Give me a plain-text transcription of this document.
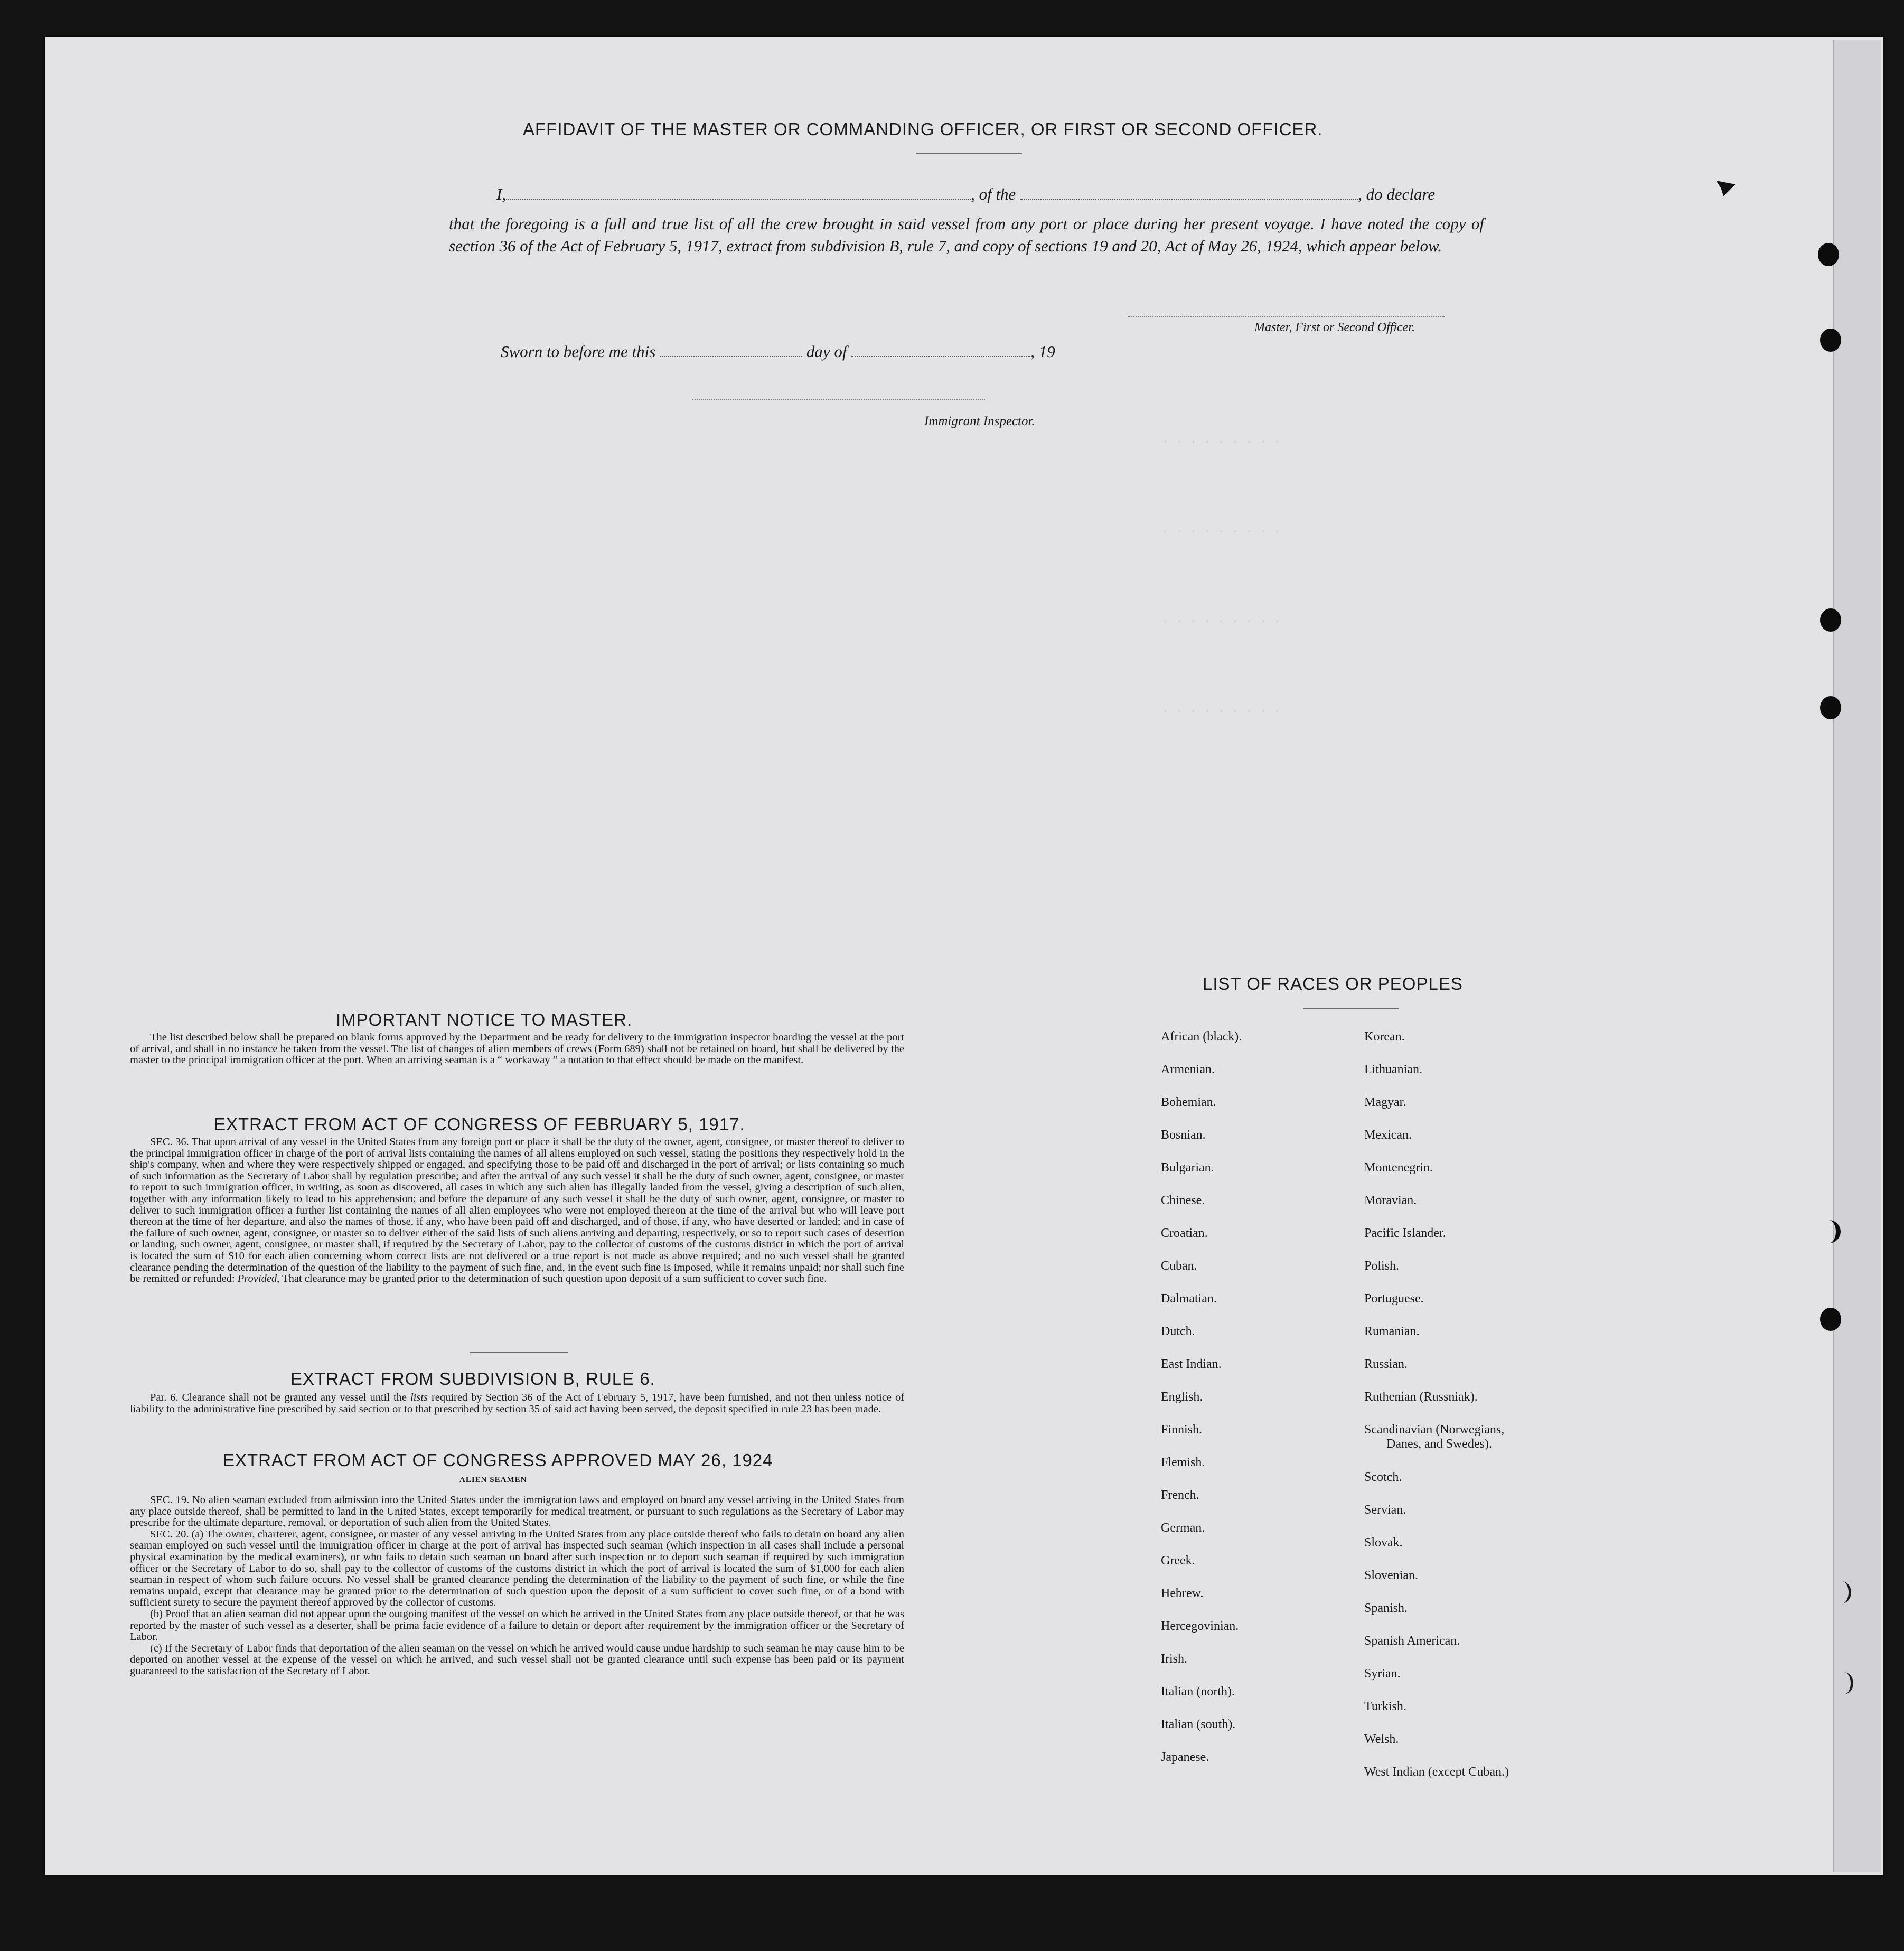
. . . . . . . . .
. . . . . . . . .
. . . . . . . . .
. . . . . . . . .
AFFIDAVIT OF THE MASTER OR COMMANDING OFFICER, OR FIRST OR SECOND OFFICER.
I,	, of the	, do declare
that the foregoing is a full and true list of all the crew brought in said vessel from any port or place during her present voyage. I have noted the copy of section 36 of the Act of February 5, 1917, extract from subdivision B, rule 7, and copy of sections 19 and 20, Act of May 26, 1924, which appear below.
Master, First or Second Officer.
Sworn to before me this	day of	, 19
Immigrant Inspector.
IMPORTANT NOTICE TO MASTER.
The list described below shall be prepared on blank forms approved by the Department and be ready for delivery to the immigration inspector boarding the vessel at the port of arrival, and shall in no instance be taken from the vessel. The list of changes of alien members of crews (Form 689) shall not be retained on board, but shall be delivered by the master to the principal immigration officer at the port. When an arriving seaman is a “ workaway ” a notation to that effect should be made on the manifest.
EXTRACT FROM ACT OF CONGRESS OF FEBRUARY 5, 1917.
SEC. 36. That upon arrival of any vessel in the United States from any foreign port or place it shall be the duty of the owner, agent, consignee, or master thereof to deliver to the principal immigration officer in charge of the port of arrival lists containing the names of all aliens employed on such vessel, stating the positions they respectively hold in the ship's company, when and where they were respectively shipped or engaged, and specifying those to be paid off and discharged in the port of arrival; or lists containing so much of such information as the Secretary of Labor shall by regulation prescribe; and after the arrival of any such vessel it shall be the duty of such owner, agent, consignee, or master to report to such immigration officer, in writing, as soon as discovered, all cases in which any such alien has illegally landed from the vessel, giving a description of such alien, together with any information likely to lead to his apprehension; and before the departure of any such vessel it shall be the duty of such owner, agent, consignee, or master to deliver to such immigration officer a further list containing the names of all alien employees who were not employed thereon at the time of the arrival but who will leave port thereon at the time of her departure, and also the names of those, if any, who have been paid off and discharged, and of those, if any, who have deserted or landed; and in case of the failure of such owner, agent, consignee, or master so to deliver either of the said lists of such aliens arriving and departing, respectively, or so to report such cases of desertion or landing, such owner, agent, consignee, or master shall, if required by the Secretary of Labor, pay to the collector of customs of the customs district in which the port of arrival is located the sum of $10 for each alien concerning whom correct lists are not delivered or a true report is not made as above required; and no such vessel shall be granted clearance pending the determination of the question of the liability to the payment of such fine, and, in the event such fine is imposed, while it remains unpaid; nor shall such fine be remitted or refunded: Provided, That clearance may be granted prior to the determination of such question upon deposit of a sum sufficient to cover such fine.
EXTRACT FROM SUBDIVISION B, RULE 6.
Par. 6. Clearance shall not be granted any vessel until the lists required by Section 36 of the Act of February 5, 1917, have been furnished, and not then unless notice of liability to the administrative fine prescribed by said section or to that prescribed by section 35 of said act having been served, the deposit specified in rule 23 has been made.
EXTRACT FROM ACT OF CONGRESS APPROVED MAY 26, 1924
ALIEN SEAMEN

SEC. 19. No alien seaman excluded from admission into the United States under the immigration laws and employed on board any vessel arriving in the United States from any place outside thereof, shall be permitted to land in the United States, except temporarily for medical treatment, or pursuant to such regulations as the Secretary of Labor may prescribe for the ultimate departure, removal, or deportation of such alien from the United States.

SEC. 20. (a) The owner, charterer, agent, consignee, or master of any vessel arriving in the United States from any place outside thereof who fails to detain on board any alien seaman employed on such vessel until the immigration officer in charge at the port of arrival has inspected such seaman (which inspection in all cases shall include a personal physical examination by the medical examiners), or who fails to detain such seaman on board after such inspection or to deport such seaman if required by such immigration officer or the Secretary of Labor to do so, shall pay to the collector of customs of the customs district in which the port of arrival is located the sum of $1,000 for each alien seaman in respect of whom such failure occurs. No vessel shall be granted clearance pending the determination of the liability to the payment of such fine, or while the fine remains unpaid, except that clearance may be granted prior to the determination of such question upon the deposit of a sum sufficient to cover such fine, or of a bond with sufficient surety to secure the payment thereof approved by the collector of customs.

(b) Proof that an alien seaman did not appear upon the outgoing manifest of the vessel on which he arrived in the United States from any place outside thereof, or that he was reported by the master of such vessel as a deserter, shall be prima facie evidence of a failure to detain or deport after requirement by the immigration officer or the Secretary of Labor.

(c) If the Secretary of Labor finds that deportation of the alien seaman on the vessel on which he arrived would cause undue hardship to such seaman he may cause him to be deported on another vessel at the expense of the vessel on which he arrived, and such vessel shall not be granted clearance until such expense has been paid or its payment guaranteed to the satisfaction of the Secretary of Labor.

LIST OF RACES OR PEOPLES
African (black).
Armenian.
Bohemian.
Bosnian.
Bulgarian.
Chinese.
Croatian.
Cuban.
Dalmatian.
Dutch.
East Indian.
English.
Finnish.
Flemish.
French.
German.
Greek.
Hebrew.
Hercegovinian.
Irish.
Italian (north).
Italian (south).
Japanese.
Korean.
Lithuanian.
Magyar.
Mexican.
Montenegrin.
Moravian.
Pacific Islander.
Polish.
Portuguese.
Rumanian.
Russian.
Ruthenian (Russniak).
Scandinavian (Norwegians,
Scotch.
Servian.
Slovak.
Slovenian.
Spanish.
Spanish American.
Syrian.
Turkish.
Welsh.
West Indian (except Cuban.)
Danes, and Swedes).
